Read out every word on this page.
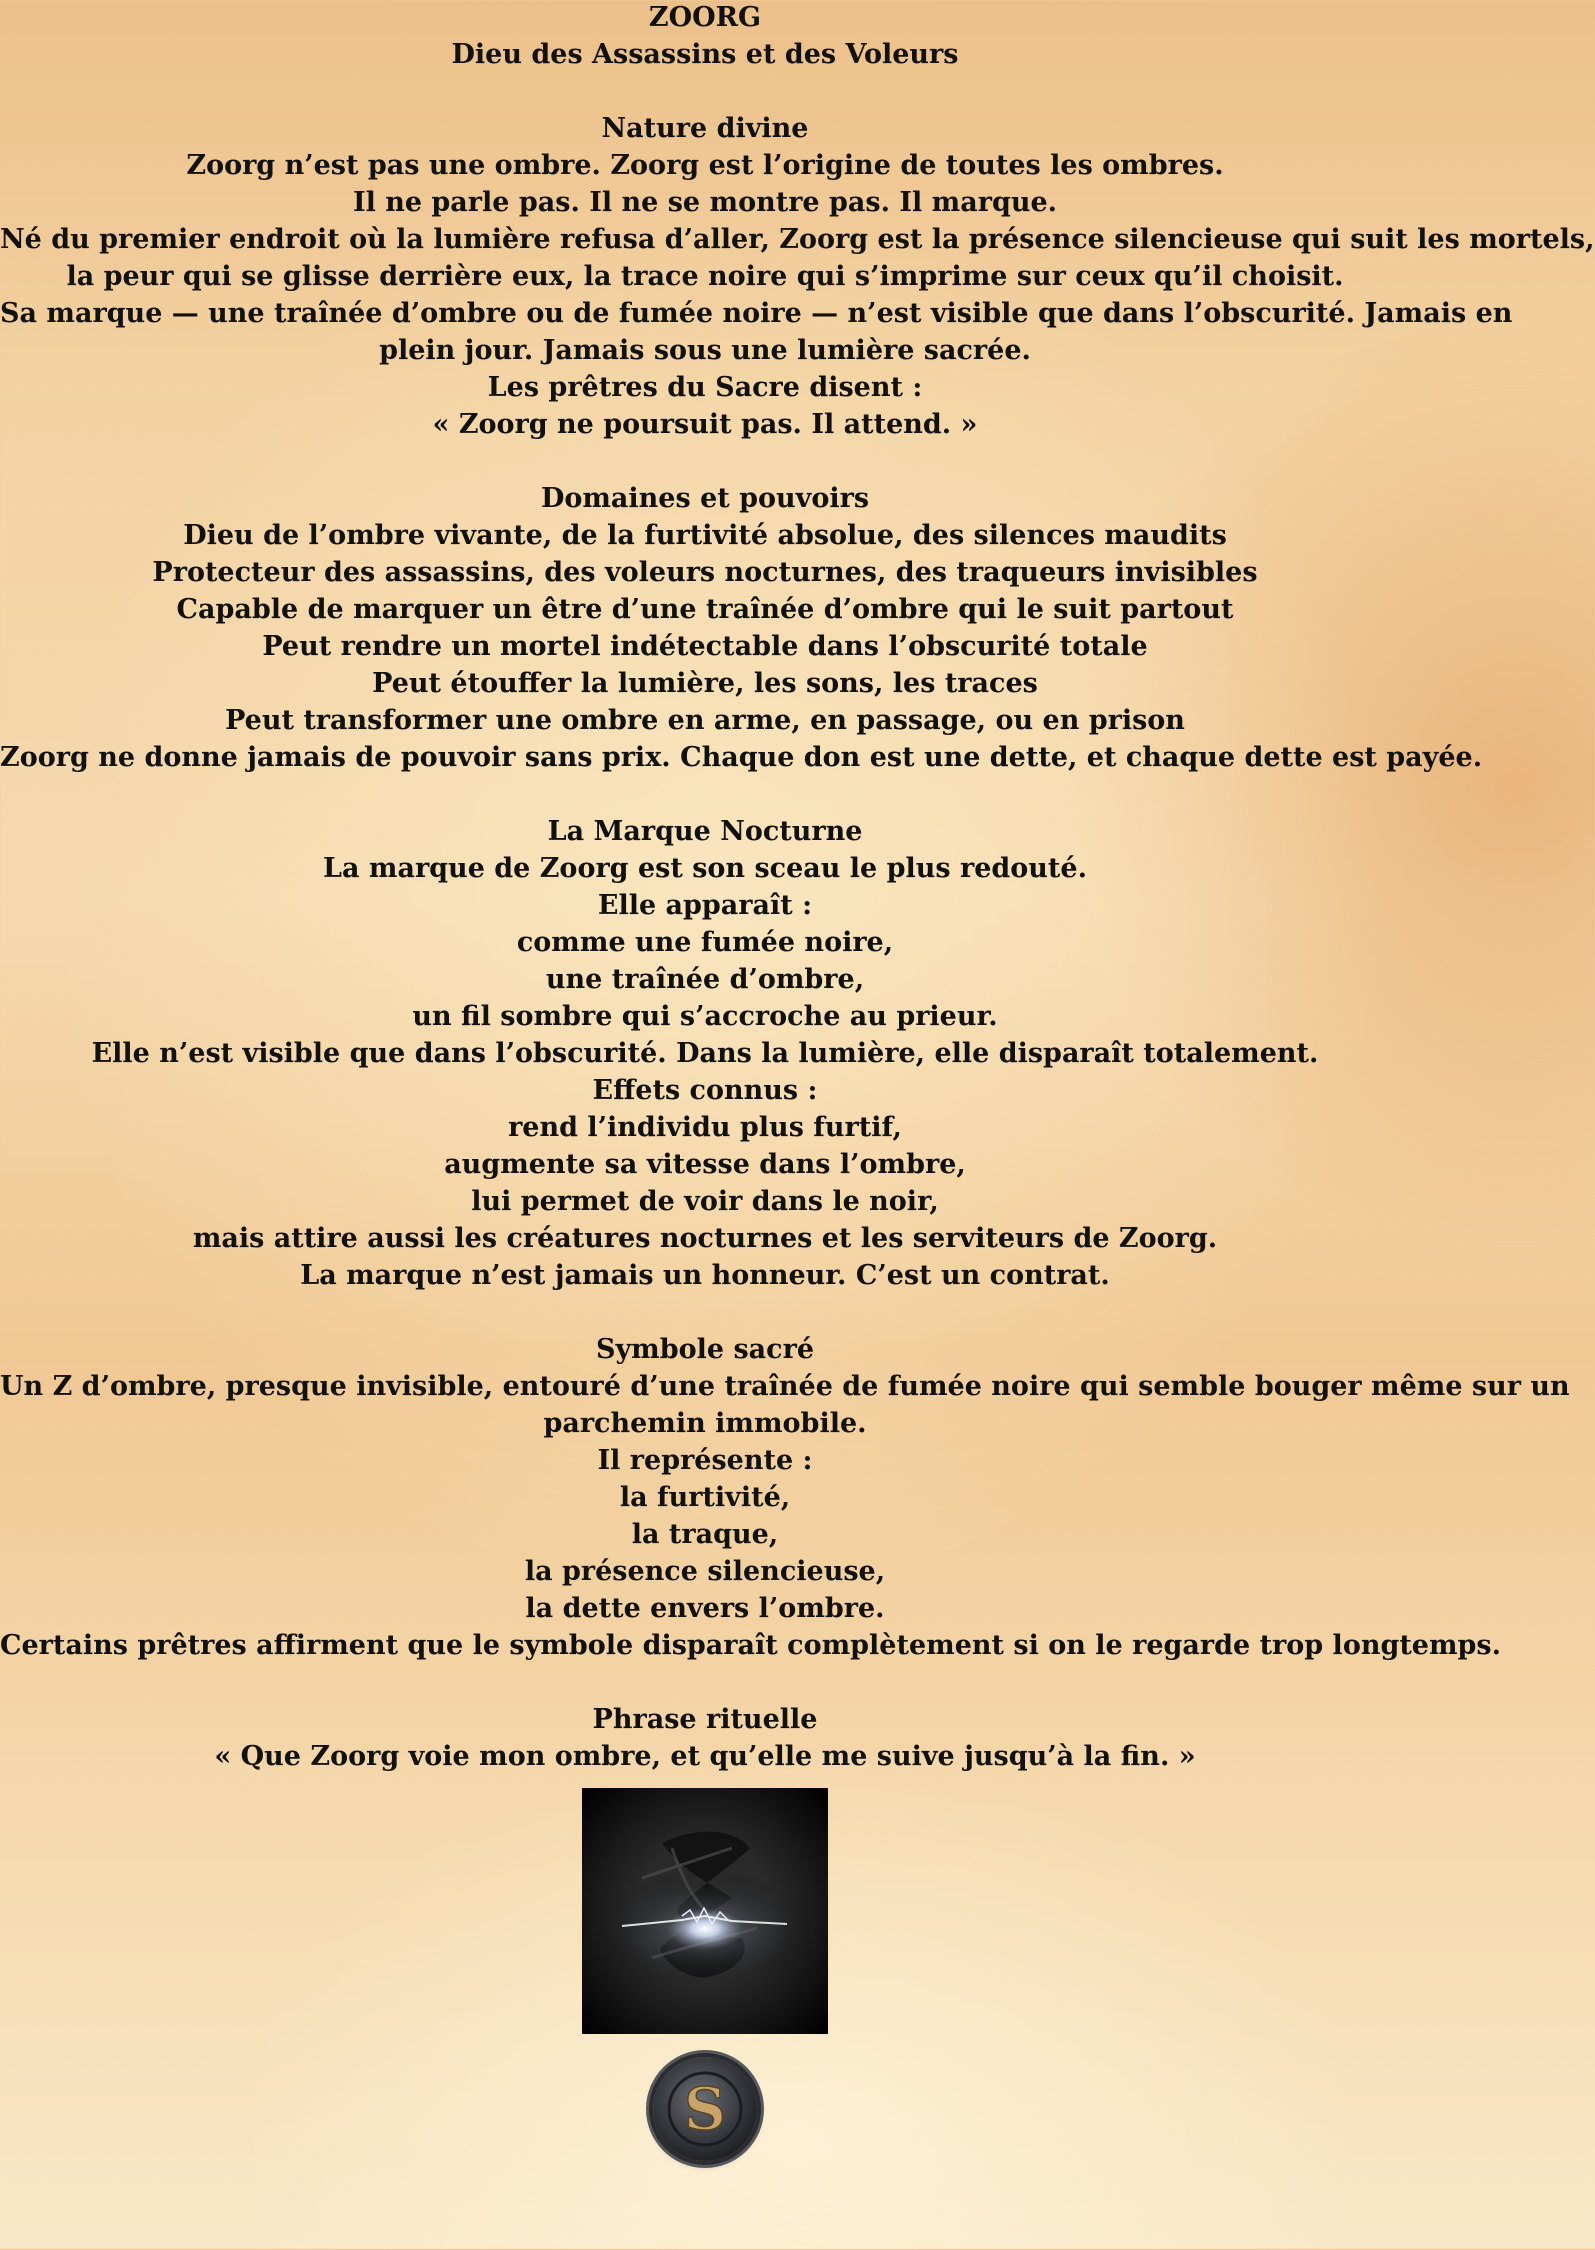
ZOORG
Dieu des Assassins et des Voleurs
Nature divine
Zoorg n’est pas une ombre. Zoorg est l’origine de toutes les ombres.
Il ne parle pas. Il ne se montre pas. Il marque.
Né du premier endroit où la lumière refusa d’aller, Zoorg est la présence silencieuse qui suit les mortels,
la peur qui se glisse derrière eux, la trace noire qui s’imprime sur ceux qu’il choisit.
Sa marque — une traînée d’ombre ou de fumée noire — n’est visible que dans l’obscurité. Jamais en
plein jour. Jamais sous une lumière sacrée.
Les prêtres du Sacre disent :
« Zoorg ne poursuit pas. Il attend. »
Domaines et pouvoirs
Dieu de l’ombre vivante, de la furtivité absolue, des silences maudits
Protecteur des assassins, des voleurs nocturnes, des traqueurs invisibles
Capable de marquer un être d’une traînée d’ombre qui le suit partout
Peut rendre un mortel indétectable dans l’obscurité totale
Peut étouffer la lumière, les sons, les traces
Peut transformer une ombre en arme, en passage, ou en prison
Zoorg ne donne jamais de pouvoir sans prix. Chaque don est une dette, et chaque dette est payée.
La Marque Nocturne
La marque de Zoorg est son sceau le plus redouté.
Elle apparaît :
comme une fumée noire,
une traînée d’ombre,
un fil sombre qui s’accroche au prieur.
Elle n’est visible que dans l’obscurité. Dans la lumière, elle disparaît totalement.
Effets connus :
rend l’individu plus furtif,
augmente sa vitesse dans l’ombre,
lui permet de voir dans le noir,
mais attire aussi les créatures nocturnes et les serviteurs de Zoorg.
La marque n’est jamais un honneur. C’est un contrat.
Symbole sacré
Un Z d’ombre, presque invisible, entouré d’une traînée de fumée noire qui semble bouger même sur un
parchemin immobile.
Il représente :
la furtivité,
la traque,
la présence silencieuse,
la dette envers l’ombre.
Certains prêtres affirment que le symbole disparaît complètement si on le regarde trop longtemps.
Phrase rituelle
« Que Zoorg voie mon ombre, et qu’elle me suive jusqu’à la fin. »
S
